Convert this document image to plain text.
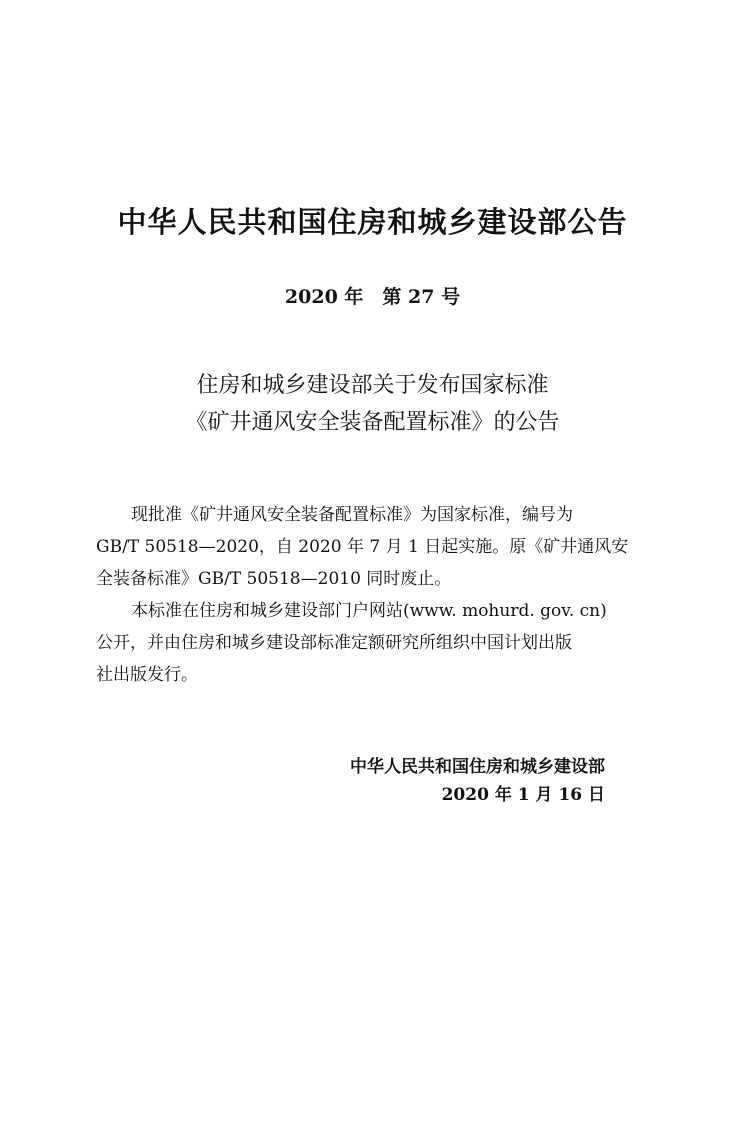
中华人民共和国住房和城乡建设部公告
2020 年　第 27 号
住房和城乡建设部关于发布国家标准
《矿井通风安全装备配置标准》的公告
现批准《矿井通风安全装备配置标准》为国家标准，编号为
GB/T 50518—2020，自 2020 年 7 月 1 日起实施。原《矿井通风安
全装备标准》GB/T 50518—2010 同时废止。
本标准在住房和城乡建设部门户网站(www. mohurd. gov. cn)
公开，并由住房和城乡建设部标准定额研究所组织中国计划出版
社出版发行。
中华人民共和国住房和城乡建设部
2020 年 1 月 16 日
